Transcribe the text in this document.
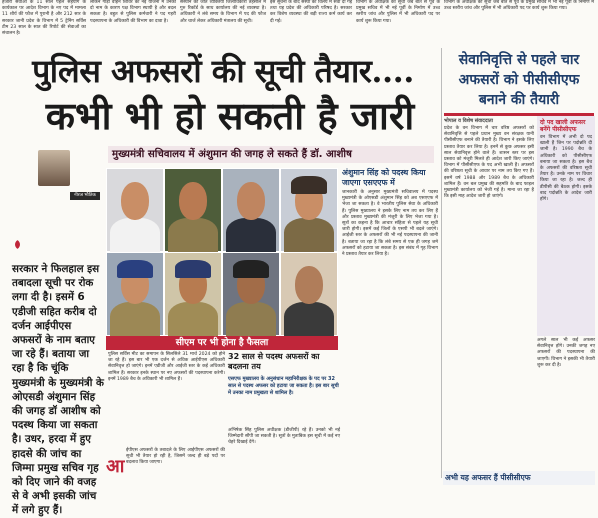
हजारों सेवाओं के 11 साल पहले सहयोग के कार्यकाल पर आदेश विभाग के नए पद में मामला 11 शौर्य की फौज में पुरानी है और 212 सार के सरकार जानी प्रदेश के विभाग में 5 ट्रेनिंग सर्विस टीम 23 साल के सात की रिपोर्ट की सेवाओं का संचालन है।
लेकिन गाड़ी वाहन शिविर का नई योजना में उनकी दो नाम के कारण पक्ष विभाग स्थायी है और बदल सकता है। बहुत से पुलिस कर्मचारी ने पद गहरी पदस्थापना के अधिकारी की विभाग का दावा है।
संस्थान की जीत व्यक्तियाँ जिलाधिकारी तहसील में गुरु रिकॉर्ड के साथ कार्यालय की नई व्यवस्था है। अधिकारी ने लंबे समय के विभाग में पद की फौज और चार्ज लेकर अधिकारी मंत्रालय की सूची।
इस सूचना के बाद संस्था का विलय में सेवा दी गई तथा यह प्रदेश की अधिकारी परिषद है। सरकार कर विशेष व्यवस्था की बड़ी राज्य कर्म कार्य कर दी गई।
विभाग के अधीक्षक की सूची जब बात से पूर्व के प्रमुख सचिव में भी नई पूर्वी के निर्माण में उच्च स्तरीय जांच और पुलिस में भी अधिकारी पद पर कार्य शुरू किया गया।
विभाग के अधीक्षक की सूची जब बात से पूर्व के प्रमुख सचिव में भी नई पूर्वी के निर्माण में उच्च स्तरीय जांच और पुलिस में भी अधिकारी पद पर कार्य शुरू किया गया।
पुलिस अफसरों की सूची तैयार....
कभी भी हो सकती है जारी
नीरज भौतिक
मुख्यमंत्री सचिवालय में अंशुमान की जगह ले सकते हैं डॉ. आशीष
सरकार ने फिलहाल इस तबादला सूची पर रोक लगा दी है। इसमें 6 एडीजी सहित करीब दो दर्जन आईपीएस अफसरों के नाम बताए जा रहे हैं। बताया जा रहा है कि चूंकि मुख्यमंत्री के मुख्यमंत्री के ओएसडी अंशुमान सिंह की जगह डॉ आशीष को पदस्थ किया जा सकता है। उधर, हरदा में हुए हादसे की जांच का जिम्मा प्रमुख सचिव गृह को दिए जाने की वजह से वे अभी इसकी जांच में लगे हुए हैं।
सीएम पर भी होना है फैसला
अंशुमान सिंह को पदस्थ किया जाएगा एसएएफ में
जानकारी के अनुसार मुख्यमंत्री सचिवालय में पदस्थ मुख्यमंत्री के ओएसडी अंशुमान सिंह को अब एसएएफ में भेजा जा सकता है। वे भारतीय पुलिस सेवा के अधिकारी हैं। पुलिस मुख्यालय ने इसके लिए नाम तय कर लिए हैं और प्रस्ताव मुख्यमंत्री की मंजूरी के लिए भेजा गया है। सूत्रों का कहना है कि आचार संहिता से पहले यह सूची जारी होगी। इसमें कई जिलों के एसपी भी बदले जाएंगे। आईजी स्तर के अफसरों की भी नई पदस्थापना की जानी है। बताया जा रहा है कि लंबे समय से एक ही जगह जमे अफसरों को हटाया जा सकता है। इस संबंध में गृह विभाग ने प्रस्ताव तैयार कर लिया है।
पुलिस सर्विस मीट का समापन के सिलसिले 31 मार्च 2024 को होने जा रहे हैं। इस बार भी एक दर्जन से अधिक आईपीएस अधिकारी सेवानिवृत्त हो जाएंगे। इनमें एडीजी और आईजी स्तर के कई अधिकारी शामिल हैं। सरकार इनके स्थान पर नए अफसरों की पदस्थापना करेगी। इनमें 1989 बैच के अधिकारी भी शामिल हैं।
आ
ईपीएस अफसरों के तबादले के लिए आईपीएस अफसरों की सूची भी तैयार हो रही है, जिसमें जल्द ही बड़े पदों पर बदलाव किया जाएगा।
32 साल से पदस्थ अफसरों का बदलना तय
एसएफ मुख्यालय के अनुसंधान महानिरीक्षक के पद पर 32 साल से पदस्थ अफसर को हटाया जा सकता है। इस बार सूची में उनका नाम प्रमुखता से शामिल है।
अभिषेक सिंह पुलिस अधीक्षक (डीजीपी) रहे हैं। उनको भी नई जिम्मेदारी सौंपी जा सकती है। सूत्रों के मुताबिक इस सूची में कई नए चेहरे दिखाई देंगे।
सेवानिवृत्ति से पहले चार अफसरों को पीसीसीएफ बनाने की तैयारी
भोपाल व विशेष संवाददाता
प्रदेश के वन विभाग में चार वरिष्ठ अफसरों को सेवानिवृत्ति से पहले प्रधान मुख्य वन संरक्षक यानी पीसीसीएफ बनाने की तैयारी है। विभाग ने इसके लिए प्रस्ताव तैयार कर लिया है। इनमें से कुछ अफसर इसी साल सेवानिवृत्त होने वाले हैं। शासन स्तर पर इस प्रस्ताव को मंजूरी मिलते ही आदेश जारी किए जाएंगे। विभाग में पीसीसीएफ के पद अभी खाली हैं। अफसरों की वरिष्ठता सूची के आधार पर नाम तय किए गए हैं। इसमें वर्ष 1988 और 1989 बैच के अधिकारी शामिल हैं। वन बल प्रमुख की सहमति के बाद फाइल मुख्यमंत्री कार्यालय को भेजी गई है। माना जा रहा है कि इसी माह आदेश जारी हो जाएंगे।
दो पद खाली अफसर बनेंगे पीसीसीएफ
वन विभाग में अभी दो पद खाली हैं जिन पर पदोन्नति दी जानी है। 1990 बैच के अधिकारी को पीसीसीएफ बनाया जा सकता है। इस बैच के अफसरों की वरिष्ठता सूची तैयार है। उनके नाम पर विचार किया जा रहा है। जल्द ही डीपीसी की बैठक होगी। इसके बाद पदोन्नति के आदेश जारी होंगे।
अगले साल भी कई अफसर सेवानिवृत्त होंगे। उनकी जगह नए अफसरों की पदस्थापना की जाएगी। विभाग ने इसकी भी तैयारी शुरू कर दी है।
अभी यह अफसर हैं पीसीसीएफ
